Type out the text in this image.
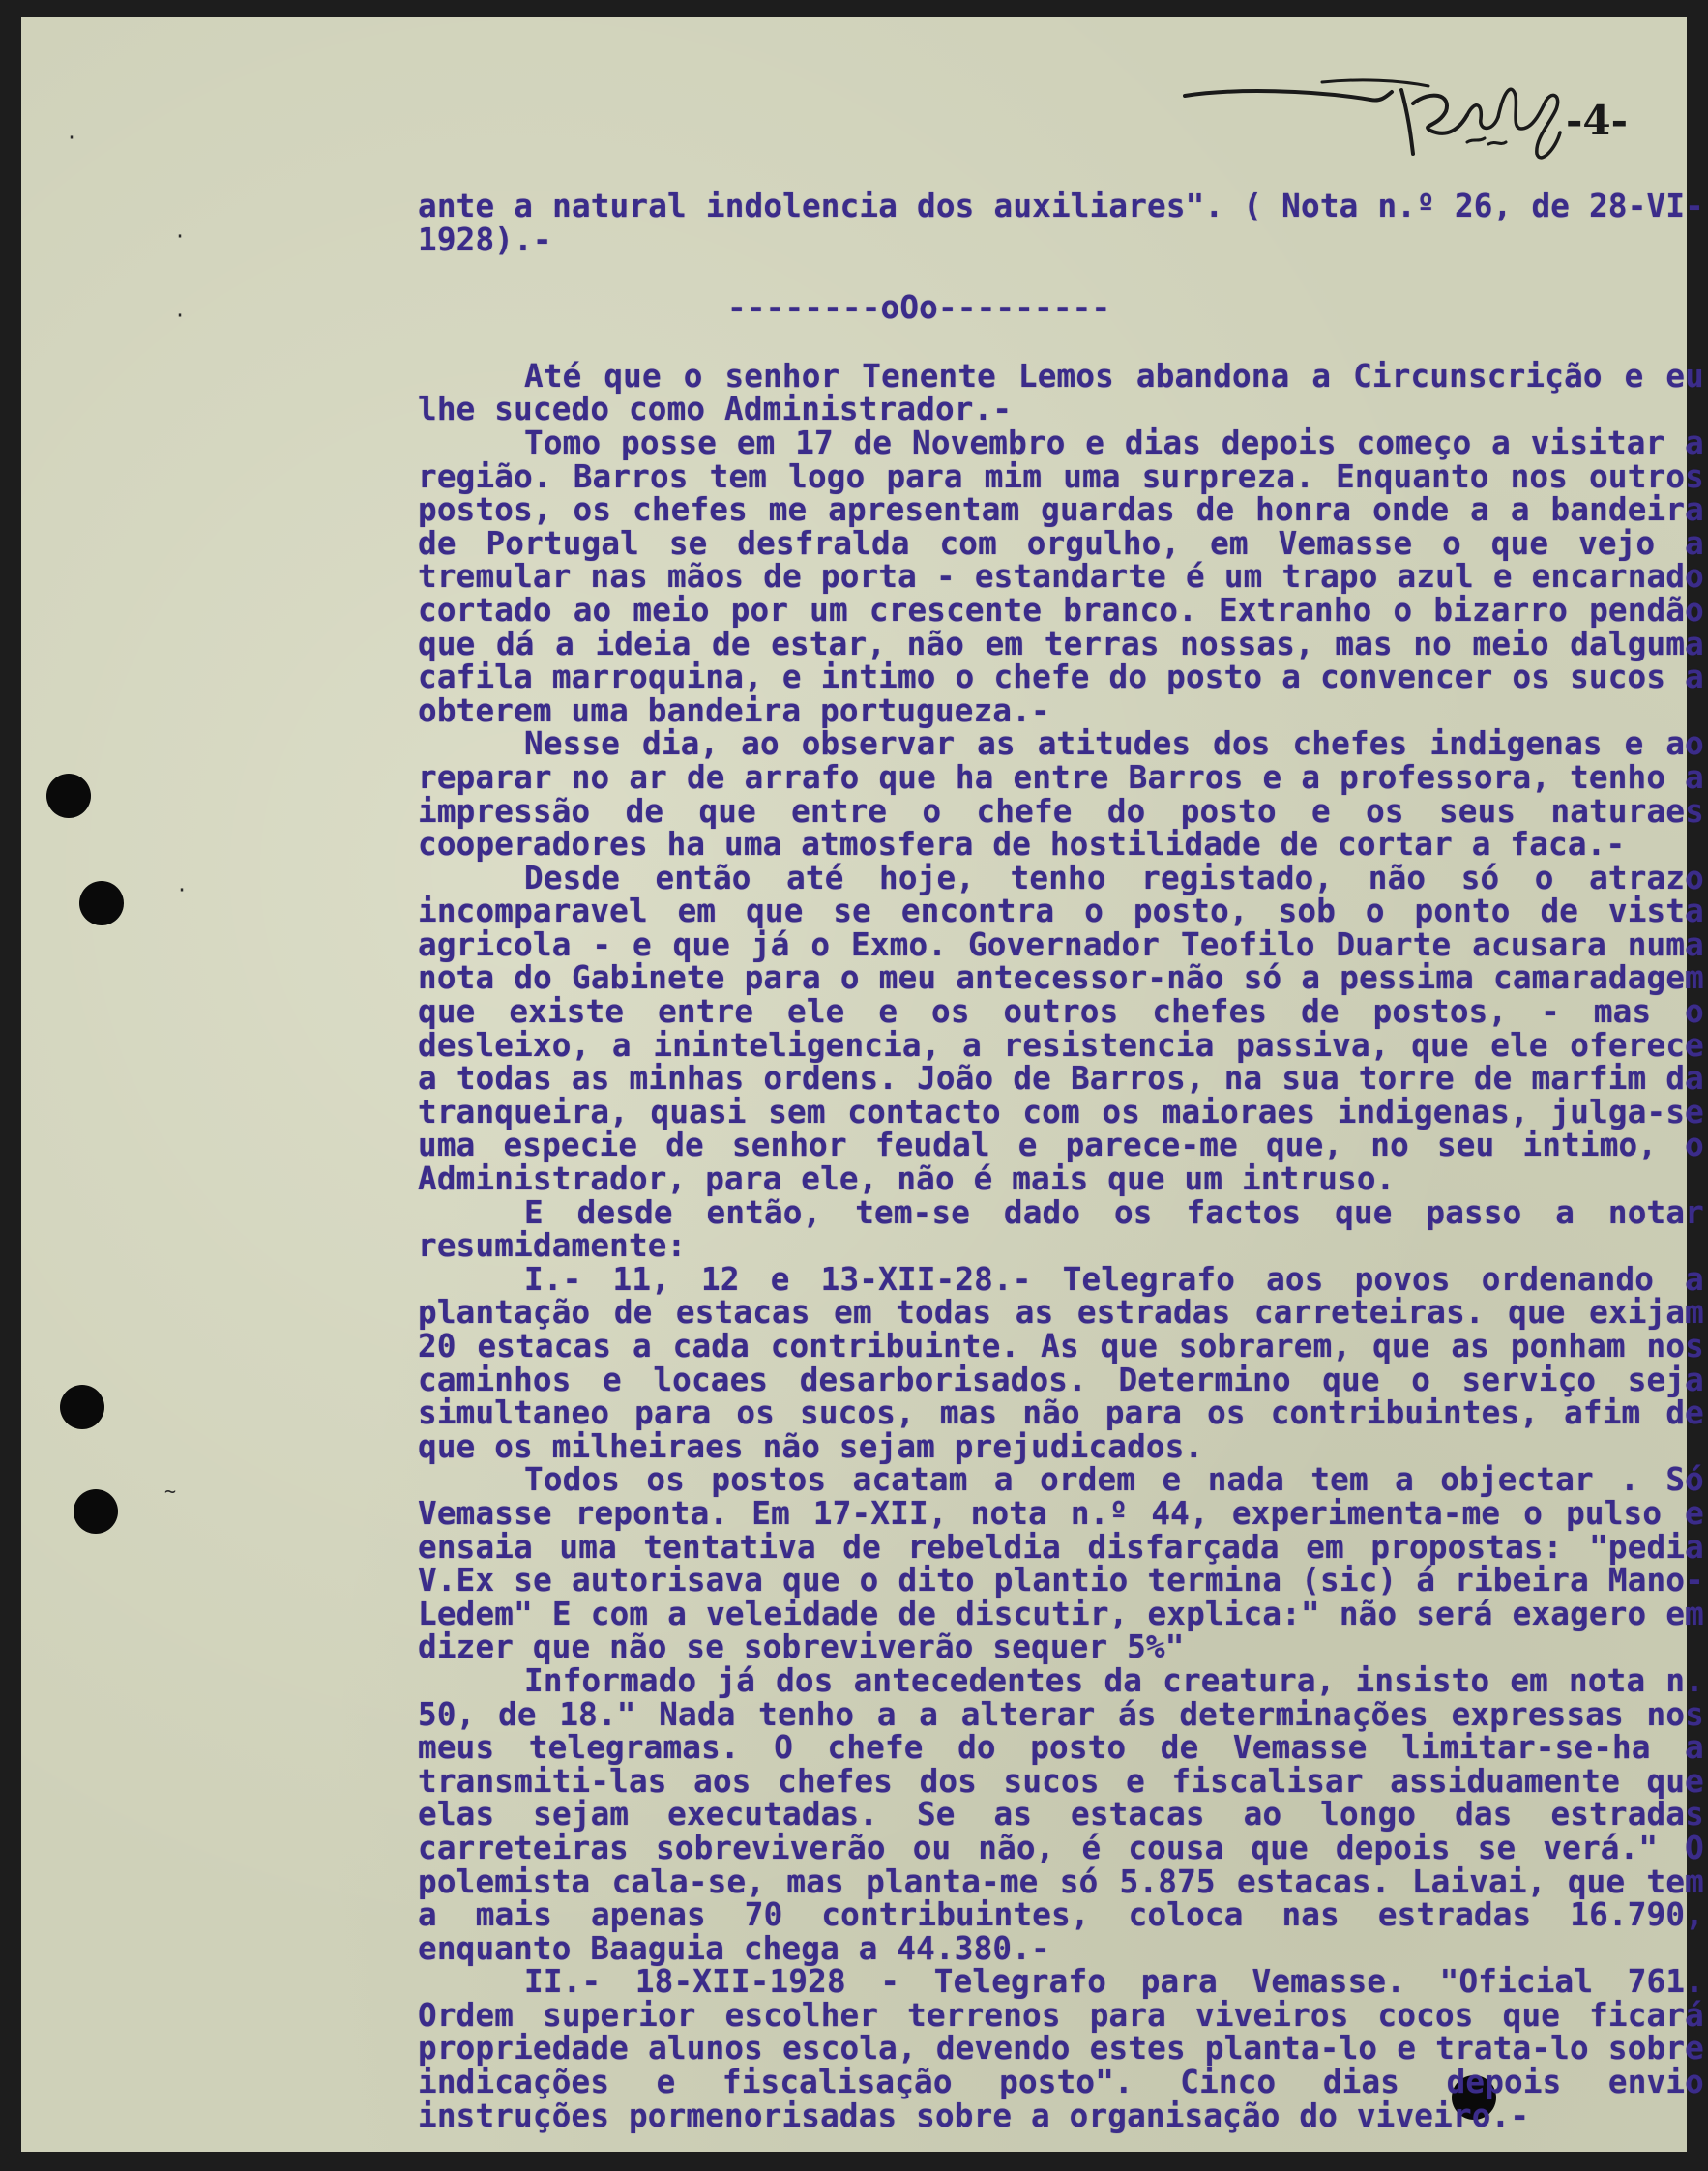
·
·
·
~
·
-4-

ante a natural indolencia dos auxiliares". ( Nota n.º 26, de 28-VI-1928).-

--------oOo---------

Até que o senhor Tenente Lemos abandona a Circunscrição e eu lhe sucedo como Administrador.-

Tomo posse em 17 de Novembro e dias depois começo a visitar a região. Barros tem logo para mim uma surpreza. Enquanto nos outros postos, os chefes me apresentam guardas de honra onde a a bandeira de Portugal se desfralda com orgulho, em Vemasse o que vejo a tremular nas mãos de porta - estandarte é um trapo azul e encarnado cortado ao meio por um crescente branco. Extranho o bizarro pendão que dá a ideia de estar, não em terras nossas, mas no meio dalguma cafila marroquina, e intimo o chefe do posto a convencer os sucos a obterem uma bandeira portugueza.-

Nesse dia, ao observar as atitudes dos chefes indigenas e ao reparar no ar de arrafo que ha entre Barros e a professora, tenho a impressão de que entre o chefe do posto e os seus naturaes cooperadores ha uma atmosfera de hostilidade de cortar a faca.-

Desde então até hoje, tenho registado, não só o atrazo incomparavel em que se encontra o posto, sob o ponto de vista agricola - e que já o Exmo. Governador Teofilo Duarte acusara numa nota do Gabinete para o meu antecessor-não só a pessima camaradagem que existe entre ele e os outros chefes de postos, - mas o desleixo, a ininteligencia, a resistencia passiva, que ele oferece a todas as minhas ordens. João de Barros, na sua torre de marfim da tranqueira, quasi sem contacto com os maioraes indigenas, julga-se uma especie de senhor feudal e parece-me que, no seu intimo, o Administrador, para ele, não é mais que um intruso.

E desde então, tem-se dado os factos que passo a notar resumidamente:

I.- 11, 12 e 13-XII-28.- Telegrafo aos povos ordenando a plantação de estacas em todas as estradas carreteiras. que exijam 20 estacas a cada contribuinte. As que sobrarem, que as ponham nos caminhos e locaes desarborisados. Determino que o serviço seja simultaneo para os sucos, mas não para os contribuintes, afim de que os milheiraes não sejam prejudicados.

Todos os postos acatam a ordem e nada tem a objectar . Só Vemasse reponta. Em 17-XII, nota n.º 44, experimenta-me o pulso e ensaia uma tentativa de rebeldia disfarçada em propostas: "pedia V.Ex se autorisava que o dito plantio termina (sic) á ribeira Mano-Ledem" E com a veleidade de discutir, explica:" não será exagero em dizer que não se sobreviverão sequer 5%"

Informado já dos antecedentes da creatura, insisto em nota n. 50, de 18." Nada tenho a a alterar ás determinações expressas nos meus telegramas. O chefe do posto de Vemasse limitar-se-ha a transmiti-las aos chefes dos sucos e fiscalisar assiduamente que elas sejam executadas. Se as estacas ao longo das estradas carreteiras sobreviverão ou não, é cousa que depois se verá." O polemista cala-se, mas planta-me só 5.875 estacas. Laivai, que tem a mais apenas 70 contribuintes, coloca nas estradas 16.790, enquanto Baaguia chega a 44.380.-

II.- 18-XII-1928 - Telegrafo para Vemasse. "Oficial 761. Ordem superior escolher terrenos para viveiros cocos que ficará propriedade alunos escola, devendo estes planta-lo e trata-lo sobre indicações e fiscalisação posto". Cinco dias depois envio instruções pormenorisadas sobre a organisação do viveiro.-
